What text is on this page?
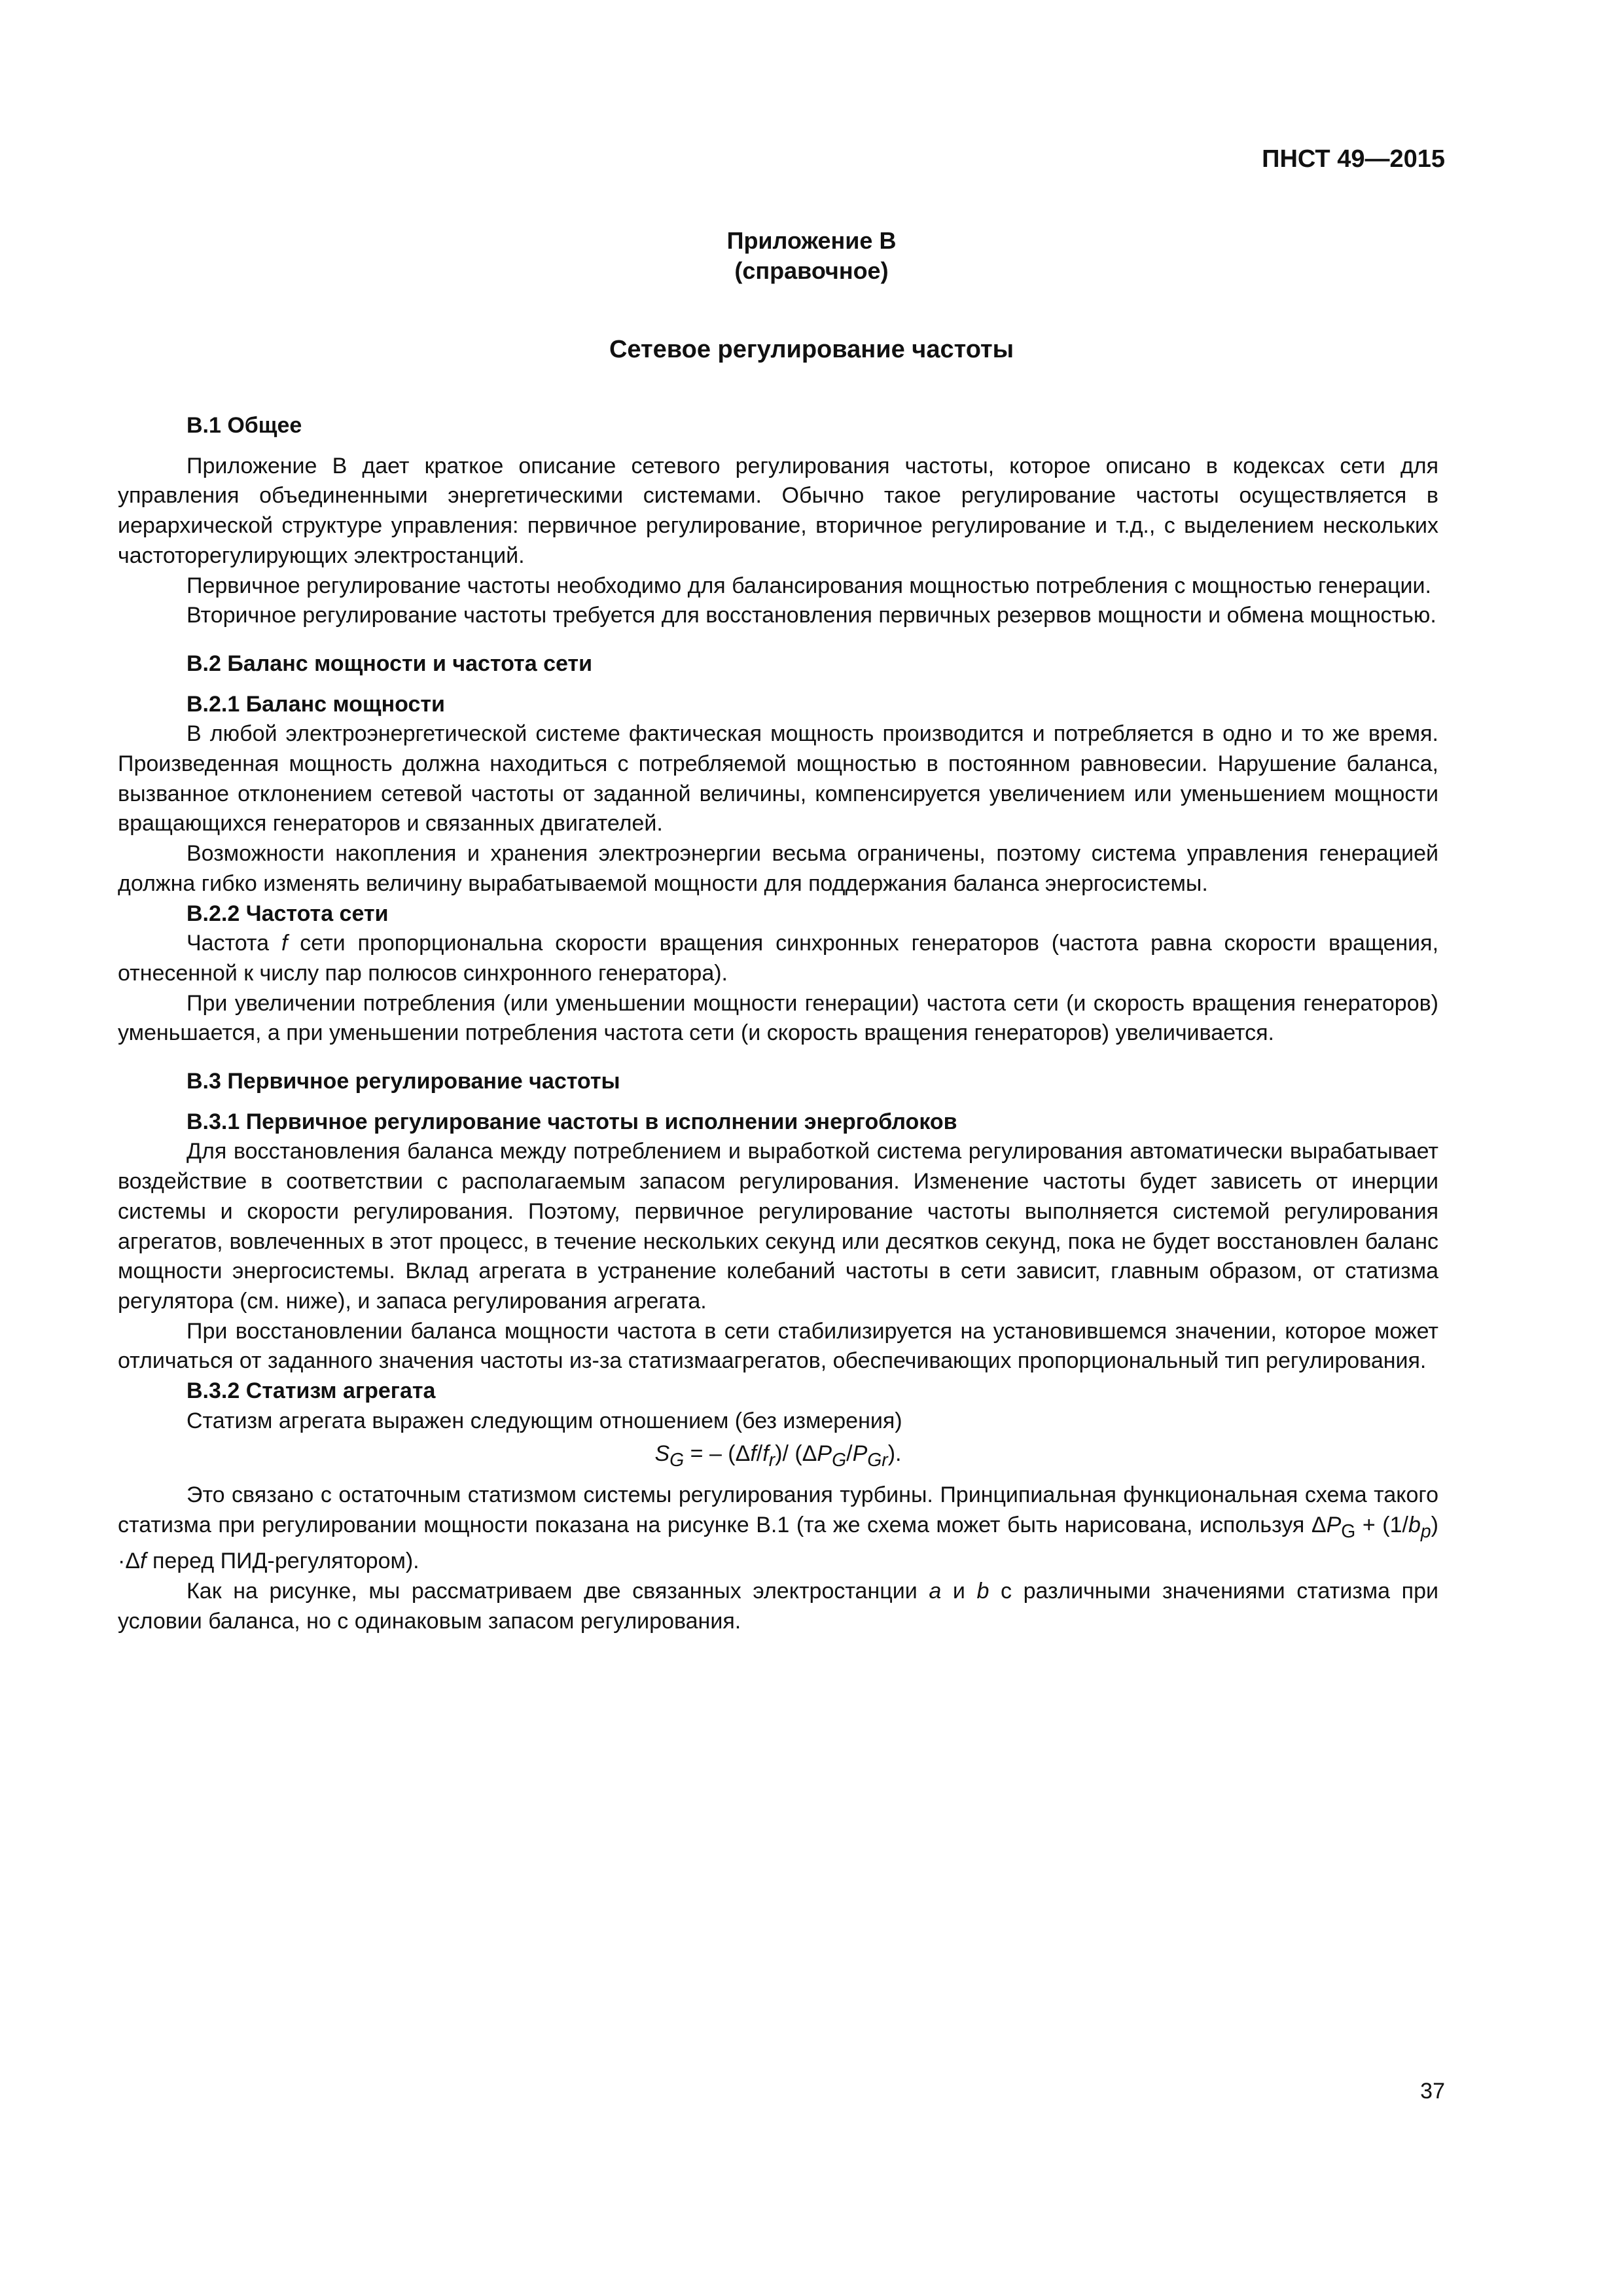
ПНСТ 49—2015
Приложение В
(справочное)
Сетевое регулирование частоты
В.1 Общее

Приложение В дает краткое описание сетевого регулирования частоты, которое описано в кодексах сети для управления объединенными энергетическими системами. Обычно такое регулирование частоты осуществляется в иерархической структуре управления: первичное регулирование, вторичное регулирование и т.д., с выделением нескольких частоторегулирующих электростанций.

Первичное регулирование частоты необходимо для балансирования мощностью потребления с мощностью генерации.

Вторичное регулирование частоты требуется для восстановления первичных резервов мощности и обмена мощностью.

В.2 Баланс мощности и частота сети
В.2.1 Баланс мощности

В любой электроэнергетической системе фактическая мощность производится и потребляется в одно и то же время. Произведенная мощность должна находиться с потребляемой мощностью в постоянном равновесии. Нарушение баланса, вызванное отклонением сетевой частоты от заданной величины, компенсируется увеличением или уменьшением мощности вращающихся генераторов и связанных двигателей.

Возможности накопления и хранения электроэнергии весьма ограничены, поэтому система управления генерацией должна гибко изменять величину вырабатываемой мощности для поддержания баланса энергосистемы.

В.2.2 Частота сети

Частота f сети пропорциональна скорости вращения синхронных генераторов (частота равна скорости вращения, отнесенной к числу пар полюсов синхронного генератора).

При увеличении потребления (или уменьшении мощности генерации) частота сети (и скорость вращения генераторов) уменьшается, а при уменьшении потребления частота сети (и скорость вращения генераторов) увеличивается.

В.3 Первичное регулирование частоты
В.3.1 Первичное регулирование частоты в исполнении энергоблоков

Для восстановления баланса между потреблением и выработкой система регулирования автоматически вырабатывает воздействие в соответствии с располагаемым запасом регулирования. Изменение частоты будет зависеть от инерции системы и скорости регулирования. Поэтому, первичное регулирование частоты выполняется системой регулирования агрегатов, вовлеченных в этот процесс, в течение нескольких секунд или десятков секунд, пока не будет восстановлен баланс мощности энергосистемы. Вклад агрегата в устранение колебаний частоты в сети зависит, главным образом, от статизма регулятора (см. ниже), и запаса регулирования агрегата.

При восстановлении баланса мощности частота в сети стабилизируется на установившемся значении, которое может отличаться от заданного значения частоты из-за статизмаагрегатов, обеспечивающих пропорциональный тип регулирования.

В.3.2 Статизм агрегата

Статизм агрегата выражен следующим отношением (без измерения)

$S_G$ = – $(\Delta f/f_r)/$ $(\Delta P_G/P_{Gr})$.

Это связано с остаточным статизмом системы регулирования турбины. Принципиальная функциональная схема такого статизма при регулировании мощности показана на рисунке В.1 (та же схема может быть нарисована, используя $\Delta P_G + (1/b_p) \cdot\Delta f$ перед ПИД-регулятором).

Как на рисунке, мы рассматриваем две связанных электростанции a и b с различными значениями статизма при условии баланса, но с одинаковым запасом регулирования.

37
